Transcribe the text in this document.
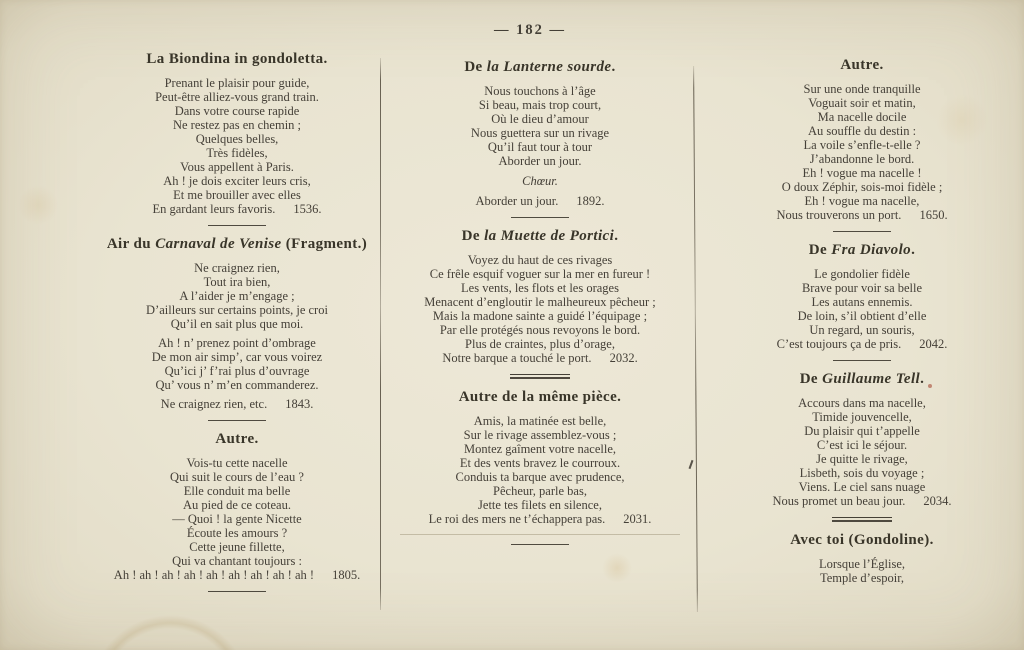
— 182 —
La Biondina in gondoletta.
Prenant le plaisir pour guide,
Peut-être alliez-vous grand train.
Dans votre course rapide
Ne restez pas en chemin ;
Quelques belles,
Très fidèles,
Vous appellent à Paris.
Ah ! je dois exciter leurs cris,
Et me brouiller avec elles
En gardant leurs favoris. 1536.
Air du Carnaval de Venise (Fragment.)
Ne craignez rien,
Tout ira bien,
A l’aider je m’engage ;
D’ailleurs sur certains points, je croi
Qu’il en sait plus que moi.
Ah ! n’ prenez point d’ombrage
De mon air simp’, car vous voirez
Qu’ici j’ f’rai plus d’ouvrage
Qu’ vous n’ m’en commanderez.
Ne craignez rien, etc. 1843.
Autre.
Vois-tu cette nacelle
Qui suit le cours de l’eau ?
Elle conduit ma belle
Au pied de ce coteau.
— Quoi ! la gente Nicette
Écoute les amours ?
Cette jeune fillette,
Qui va chantant toujours :
Ah ! ah ! ah ! ah ! ah ! ah ! ah ! ah ! ah ! 1805.
De la Lanterne sourde.
Nous touchons à l’âge
Si beau, mais trop court,
Où le dieu d’amour
Nous guettera sur un rivage
Qu’il faut tour à tour
Aborder un jour.
Chœur.
Aborder un jour. 1892.
De la Muette de Portici.
Voyez du haut de ces rivages
Ce frêle esquif voguer sur la mer en fureur !
Les vents, les flots et les orages
Menacent d’engloutir le malheureux pêcheur ;
Mais la madone sainte a guidé l’équipage ;
Par elle protégés nous revoyons le bord.
Plus de craintes, plus d’orage,
Notre barque a touché le port. 2032.
Autre de la même pièce.
Amis, la matinée est belle,
Sur le rivage assemblez-vous ;
Montez gaîment votre nacelle,
Et des vents bravez le courroux.
Conduis ta barque avec prudence,
Pêcheur, parle bas,
Jette tes filets en silence,
Le roi des mers ne t’échappera pas. 2031.
Autre.
Sur une onde tranquille
Voguait soir et matin,
Ma nacelle docile
Au souffle du destin :
La voile s’enfle-t-elle ?
J’abandonne le bord.
Eh ! vogue ma nacelle !
O doux Zéphir, sois-moi fidèle ;
Eh ! vogue ma nacelle,
Nous trouverons un port. 1650.
De Fra Diavolo.
Le gondolier fidèle
Brave pour voir sa belle
Les autans ennemis.
De loin, s’il obtient d’elle
Un regard, un souris,
C’est toujours ça de pris. 2042.
De Guillaume Tell.
Accours dans ma nacelle,
Timide jouvencelle,
Du plaisir qui t’appelle
C’est ici le séjour.
Je quitte le rivage,
Lisbeth, sois du voyage ;
Viens. Le ciel sans nuage
Nous promet un beau jour. 2034.
Avec toi (Gondoline).
Lorsque l’Église,
Temple d’espoir,
